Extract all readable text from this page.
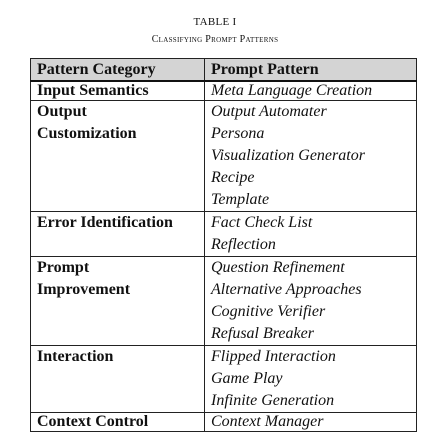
TABLE I
Classifying Prompt Patterns
Pattern Category	Prompt Pattern

Input Semantics	Meta Language Creation

Output
Customization	Output Automater
Persona
Visualization Generator
Recipe
Template

Error Identification	Fact Check List
Reflection

Prompt
Improvement	Question Refinement
Alternative Approaches
Cognitive Verifier
Refusal Breaker

Interaction	Flipped Interaction
Game Play
Infinite Generation

Context Control	Context Manager
